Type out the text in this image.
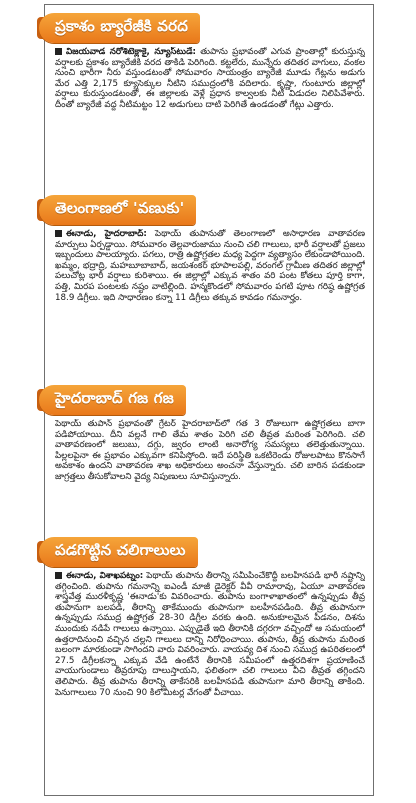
ప్రకాశం బ్యారేజీకి వరద
విజయవాడ నరోశిటెక్లాకై, న్యూస్‌టుడే: తుపాను ప్రభావంతో ఎగువ ప్రాంతాల్లో కురుస్తున్న వర్షాలకు ప్రకాశం బ్యారేజీకి వరద తాకిడి పెరిగింది. కట్టలేరు, మున్నేరు తదితర వాగులు, వంకల నుంచి భారీగా నీరు వస్తుండటంతో సోమవారం సాయంత్రం బ్యారేజీ మూడు గేట్లను అడుగు మేర ఎత్తి 2,175 క్యూసెక్కుల నీటిని సముద్రంలోకి వదిలారు. కృష్ణా, గుంటూరు జిల్లాల్లో వర్షాలు కురుస్తుండటంతో, ఈ జిల్లాలకు వెళ్లే ప్రధాన కాల్వలకు నీటి విడుదల నిలిపివేశారు. దీంతో బ్యారేజీ వద్ద నీటిమట్టం 12 అడుగులు దాటి పెరిగితే ఉండడంతో గేట్లు ఎత్తారు.
తెలంగాణలో 'వణుకు'
ఈనాడు, హైదరాబాద్: పెథాయ్ తుపానుతో తెలంగాణలో అసాధారణ వాతావరణ మార్పులు ఏర్పడ్డాయి. సోమవారం తెల్లవారుజాము నుంచి చలి గాలులు, భారీ వర్షాలతో ప్రజలు ఇబ్బందులు పాలయ్యారు. పగలు, రాత్రి ఉష్ణోగ్రతల మధ్య పెద్దగా వ్యత్యాసం లేకుండాపోయింది. ఖమ్మం, భద్రాద్రి, మహబూబాబాద్, జయశంకర్ భూపాలపల్లి, వరంగల్ గ్రామీణ తదితర జిల్లాల్లో పలుచోట్ల భారీ వర్షాలు కురిశాయి. ఈ జిల్లాల్లో ఎక్కువ శాతం వరి పంట కోతలు పూర్తి కాగా, పత్తి, మిరప పంటలకు నష్టం వాటిల్లింది. హన్మకొండలో సోమవారం పగటి పూట గరిష్ఠ ఉష్ణోగ్రత 18.9 డిగ్రీలు. ఇది సాధారణం కన్నా 11 డిగ్రీలు తక్కువ కావడం గమనార్హం.
హైదరాబాద్ గజ గజ
పెథాయ్ తుపాన్ ప్రభావంతో గ్రేటర్ హైదరాబాద్‌లో గత 3 రోజులుగా ఉష్ణోగ్రతలు బాగా పడిపోయాయి. దీని వల్లనే గాలి తేమ శాతం పెరిగి చలి తీవ్రత మరింత పెరిగింది. చలి వాతావరణంలో జలుబు, దగ్గు, జ్వరం లాంటి అనారోగ్య సమస్యలు తలెత్తుతున్నాయి. పిల్లలపైనా ఈ ప్రభావం ఎక్కువగా కనిపిస్తోంది. ఇదే పరిస్థితి ఒకటిరెండు రోజులపాటు కొనసాగే అవకాశం ఉందని వాతావరణ శాఖ అధికారులు అంచనా వేస్తున్నారు. చలి బారిన పడకుండా జాగ్రత్తలు తీసుకోవాలని వైద్య నిపుణులు సూచిస్తున్నారు.
పడగొట్టిన చలిగాలులు
ఈనాడు, విశాఖపట్నం: పెథాయ్ తుపాను తీరాన్ని సమీపించేకొద్దీ బలహీనపడి భారీ నష్టాన్ని తగ్గించింది. తుపాను గమనాన్ని ఐఎండీ మాజీ డైరెక్టర్ వీవీ రామారావు, ఏయూ వాతావరణ శాస్త్రవేత్త మురళీకృష్ణ 'ఈనాడు'కు వివరించారు. తుపాను బంగాళాఖాతంలో ఉన్నప్పుడు తీవ్ర తుపానుగా బలపడి, తీరాన్ని తాకేముందు తుపానుగా బలహీనపడింది. తీవ్ర తుపానుగా ఉన్నప్పుడు సముద్ర ఉష్ణోగ్రత 28-30 డిగ్రీల వరకు ఉంది. అనుకూలమైన పీడనం, దిశను ముందుకు నడిపే గాలులు ఉన్నాయి. ఎప్పుడైతే ఇది తీరానికి దగ్గరగా వచ్చిందో ఆ సమయంలో ఉత్తరాదినుంచి వచ్చిన చల్లని గాలులు దాన్ని నిరోధించాయి. తుపాను, తీవ్ర తుపాను మరింత బలంగా మారకుండా సాగిందని వారు వివరించారు. వాయవ్య దిశ నుంచి సముద్ర ఉపరితలంలో 27.5 డిగ్రీలకన్నా ఎక్కువ వేడి ఉంటేనే తీరానికి సమీపంలో ఉత్తరదిశగా ప్రయాణించే వాయుగుండాలు తీవ్రరూపు దాలుస్తాయని, ఫలితంగా చలి గాలులు వీచి తీవ్రత తగ్గిందని తెలిపారు. తీవ్ర తుపాను తీరాన్ని తాకేసరికి బలహీనపడి తుపానుగా మారి తీరాన్ని తాకింది. పెనుగాలులు 70 నుంచి 90 కిలోమీటర్ల వేగంతో వీచాయి.
